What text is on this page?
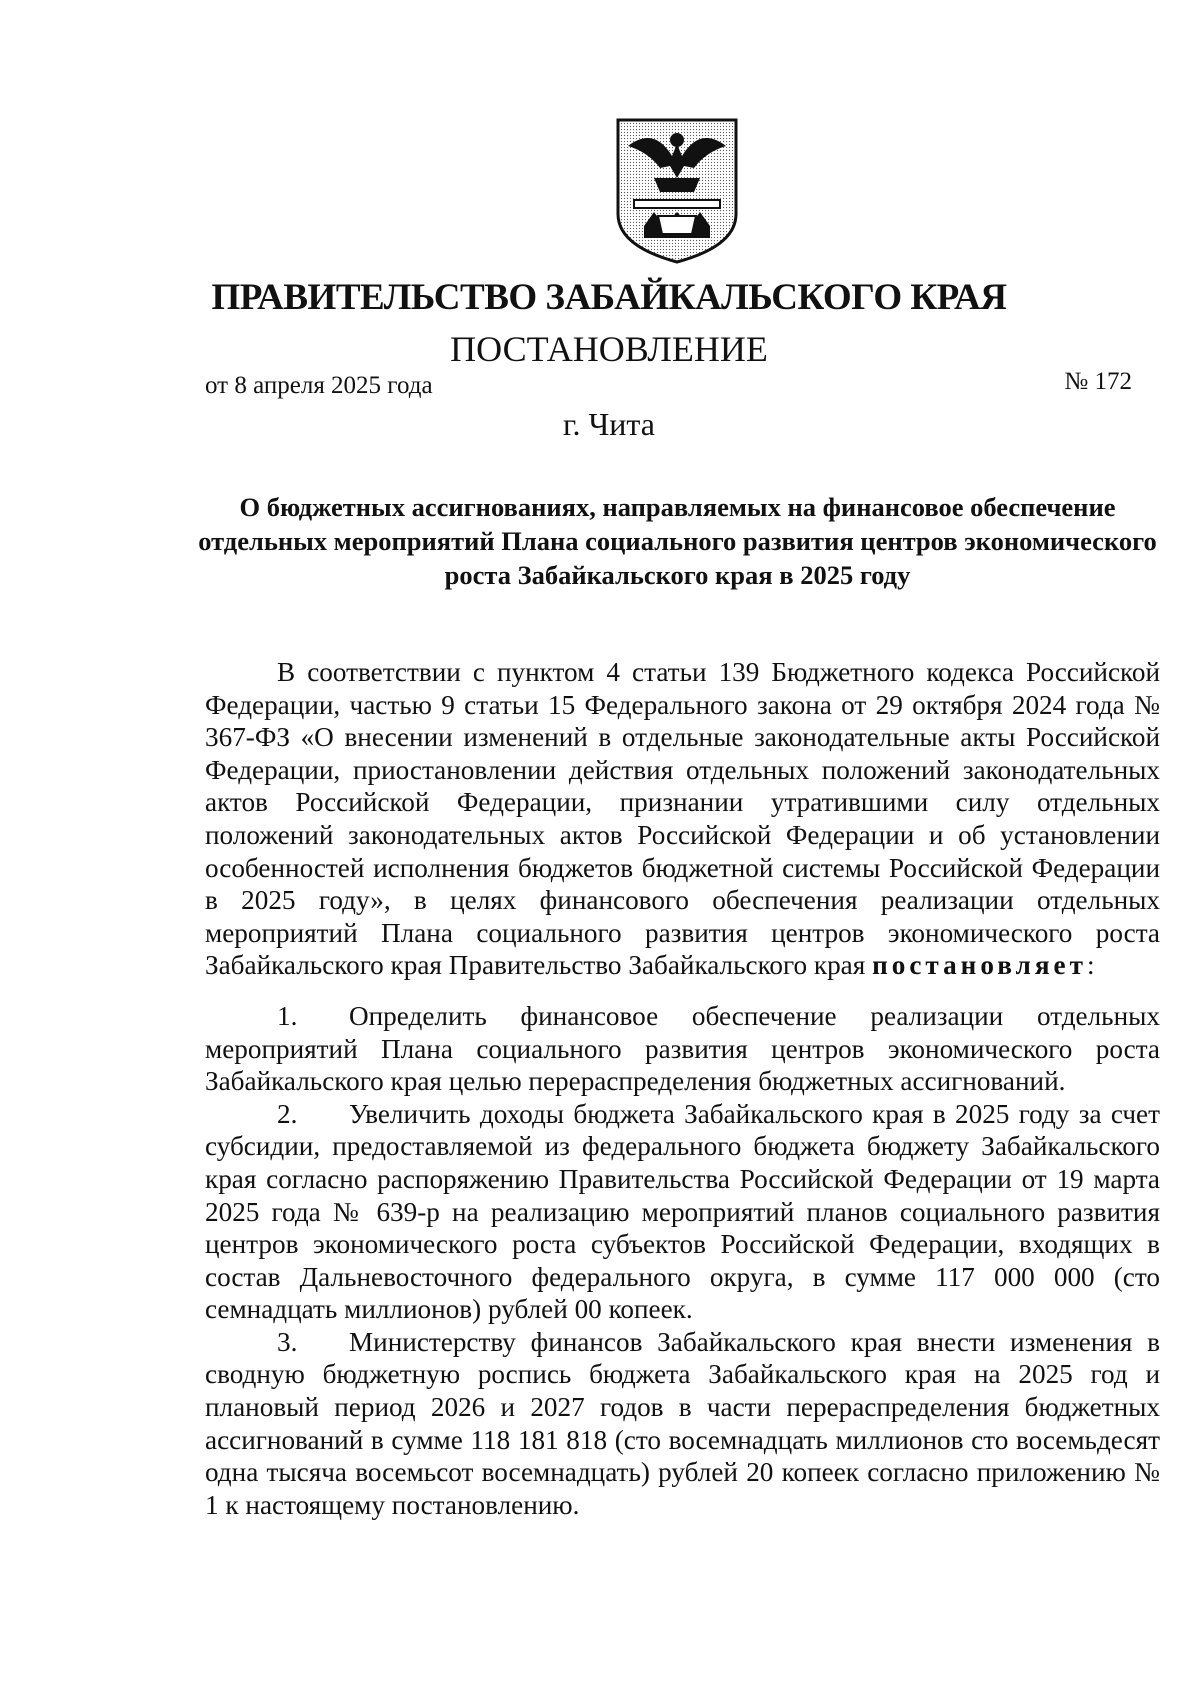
ПРАВИТЕЛЬСТВО ЗАБАЙКАЛЬСКОГО КРАЯ
ПОСТАНОВЛЕНИЕ
от 8 апреля 2025 года	№ 172
г. Чита
О бюджетных ассигнованиях, направляемых на финансовое обеспечение отдельных мероприятий Плана социального развития центров экономического роста Забайкальского края в 2025 году

В соответствии с пунктом 4 статьи 139 Бюджетного кодекса Российской Федерации, частью 9 статьи 15 Федерального закона от 29 октября 2024 года № 367-ФЗ «О внесении изменений в отдельные законодательные акты Российской Федерации, приостановлении действия отдельных положений законодательных актов Российской Федерации, признании утратившими силу отдельных положений законодательных актов Российской Федерации и об установлении особенностей исполнения бюджетов бюджетной системы Российской Федерации в 2025 году», в целях финансового обеспечения реализации отдельных мероприятий Плана социального развития центров экономического роста Забайкальского края Правительство Забайкальского края постановляет:

1. Определить финансовое обеспечение реализации отдельных мероприятий Плана социального развития центров экономического роста Забайкальского края целью перераспределения бюджетных ассигнований.

2. Увеличить доходы бюджета Забайкальского края в 2025 году за счет субсидии, предоставляемой из федерального бюджета бюджету Забайкальского края согласно распоряжению Правительства Российской Федерации от 19 марта 2025 года № 639-р на реализацию мероприятий планов социального развития центров экономического роста субъектов Российской Федерации, входящих в состав Дальневосточного федерального округа, в сумме 117 000 000 (сто семнадцать миллионов) рублей 00 копеек.

3. Министерству финансов Забайкальского края внести изменения в сводную бюджетную роспись бюджета Забайкальского края на 2025 год и плановый период 2026 и 2027 годов в части перераспределения бюджетных ассигнований в сумме 118 181 818 (сто восемнадцать миллионов сто восемьдесят одна тысяча восемьсот восемнадцать) рублей 20 копеек согласно приложению № 1 к настоящему постановлению.
